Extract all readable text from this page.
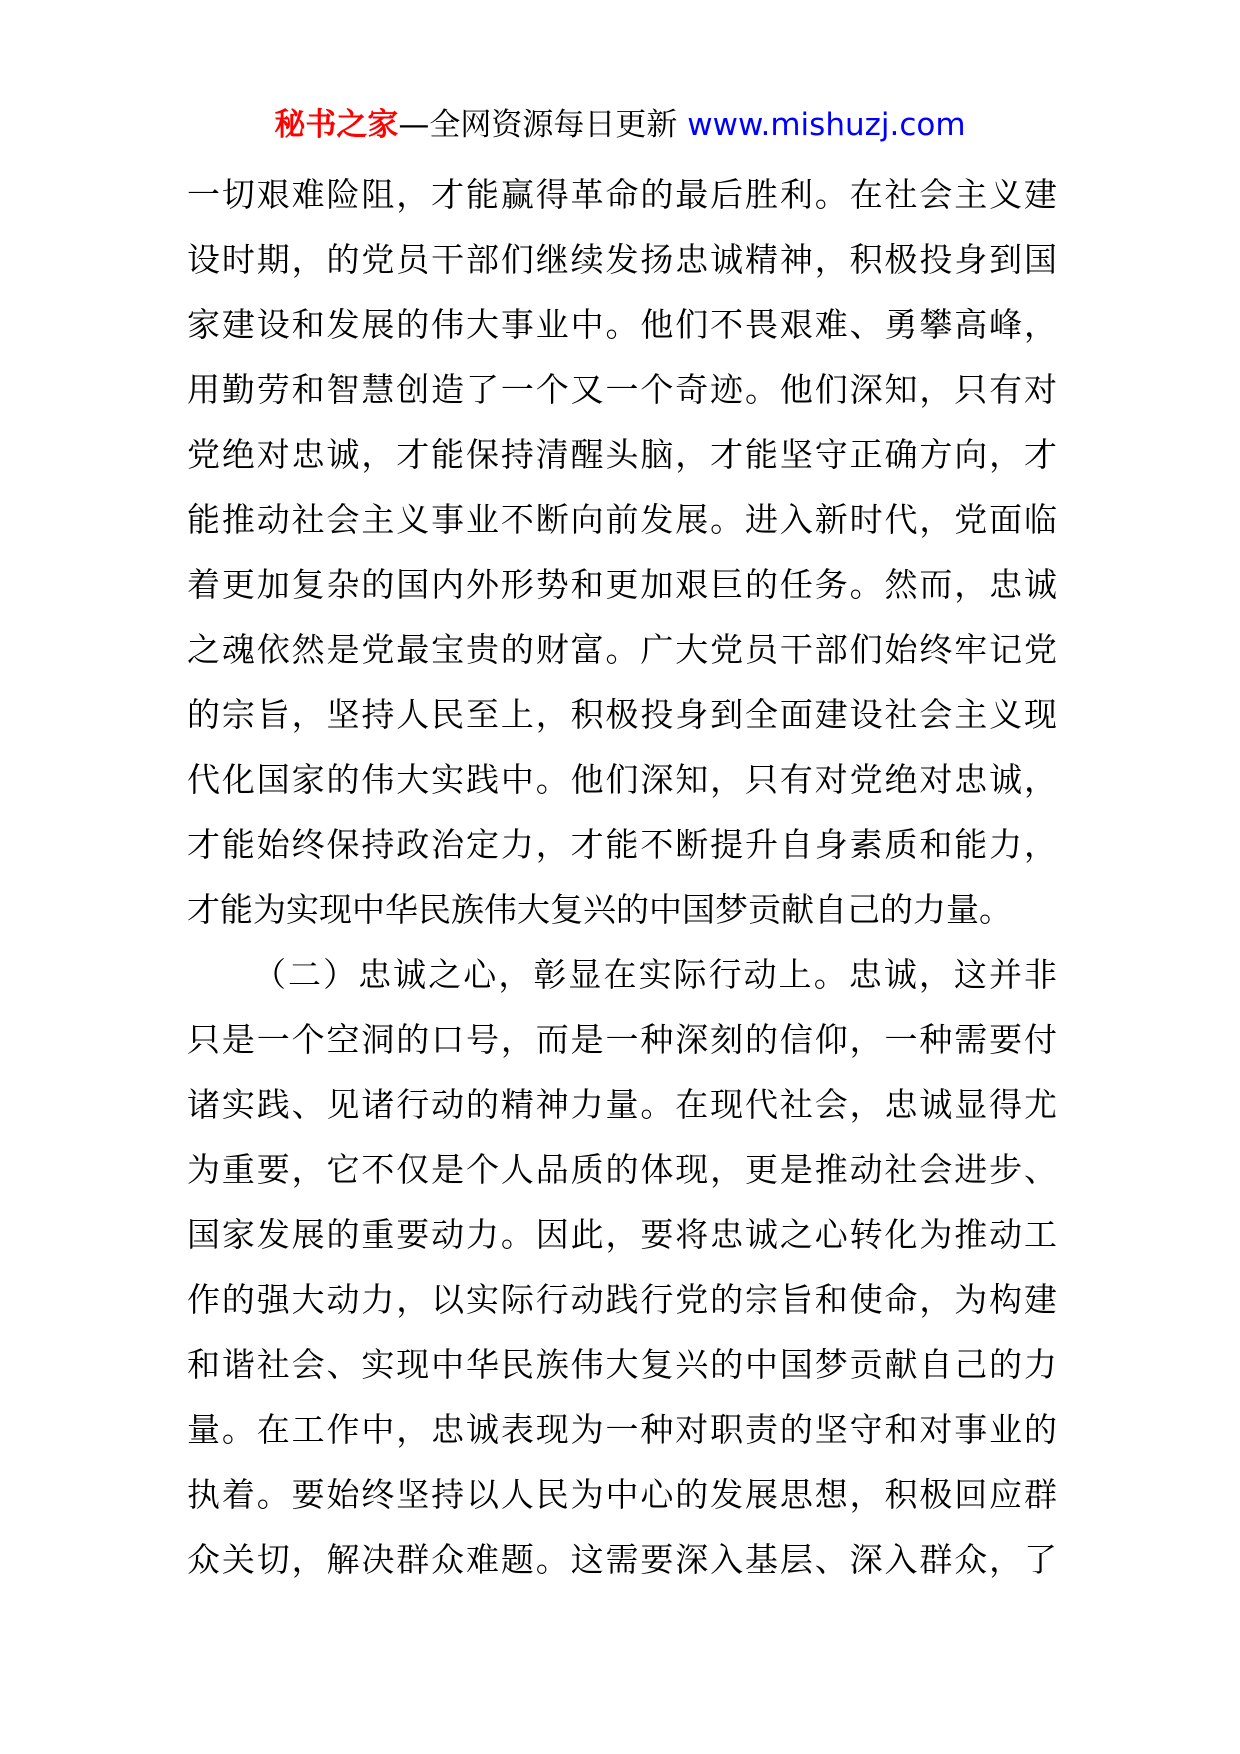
秘书之家—全网资源每日更新 www.mishuzj.com
一切艰难险阻，才能赢得革命的最后胜利。在社会主义建
设时期，的党员干部们继续发扬忠诚精神，积极投身到国
家建设和发展的伟大事业中。他们不畏艰难、勇攀高峰，
用勤劳和智慧创造了一个又一个奇迹。他们深知，只有对
党绝对忠诚，才能保持清醒头脑，才能坚守正确方向，才
能推动社会主义事业不断向前发展。进入新时代，党面临
着更加复杂的国内外形势和更加艰巨的任务。然而，忠诚
之魂依然是党最宝贵的财富。广大党员干部们始终牢记党
的宗旨，坚持人民至上，积极投身到全面建设社会主义现
代化国家的伟大实践中。他们深知，只有对党绝对忠诚，
才能始终保持政治定力，才能不断提升自身素质和能力，
才能为实现中华民族伟大复兴的中国梦贡献自己的力量。
（二）忠诚之心，彰显在实际行动上。忠诚，这并非
只是一个空洞的口号，而是一种深刻的信仰，一种需要付
诸实践、见诸行动的精神力量。在现代社会，忠诚显得尤
为重要，它不仅是个人品质的体现，更是推动社会进步、
国家发展的重要动力。因此，要将忠诚之心转化为推动工
作的强大动力，以实际行动践行党的宗旨和使命，为构建
和谐社会、实现中华民族伟大复兴的中国梦贡献自己的力
量。在工作中，忠诚表现为一种对职责的坚守和对事业的
执着。要始终坚持以人民为中心的发展思想，积极回应群
众关切，解决群众难题。这需要深入基层、深入群众，了
